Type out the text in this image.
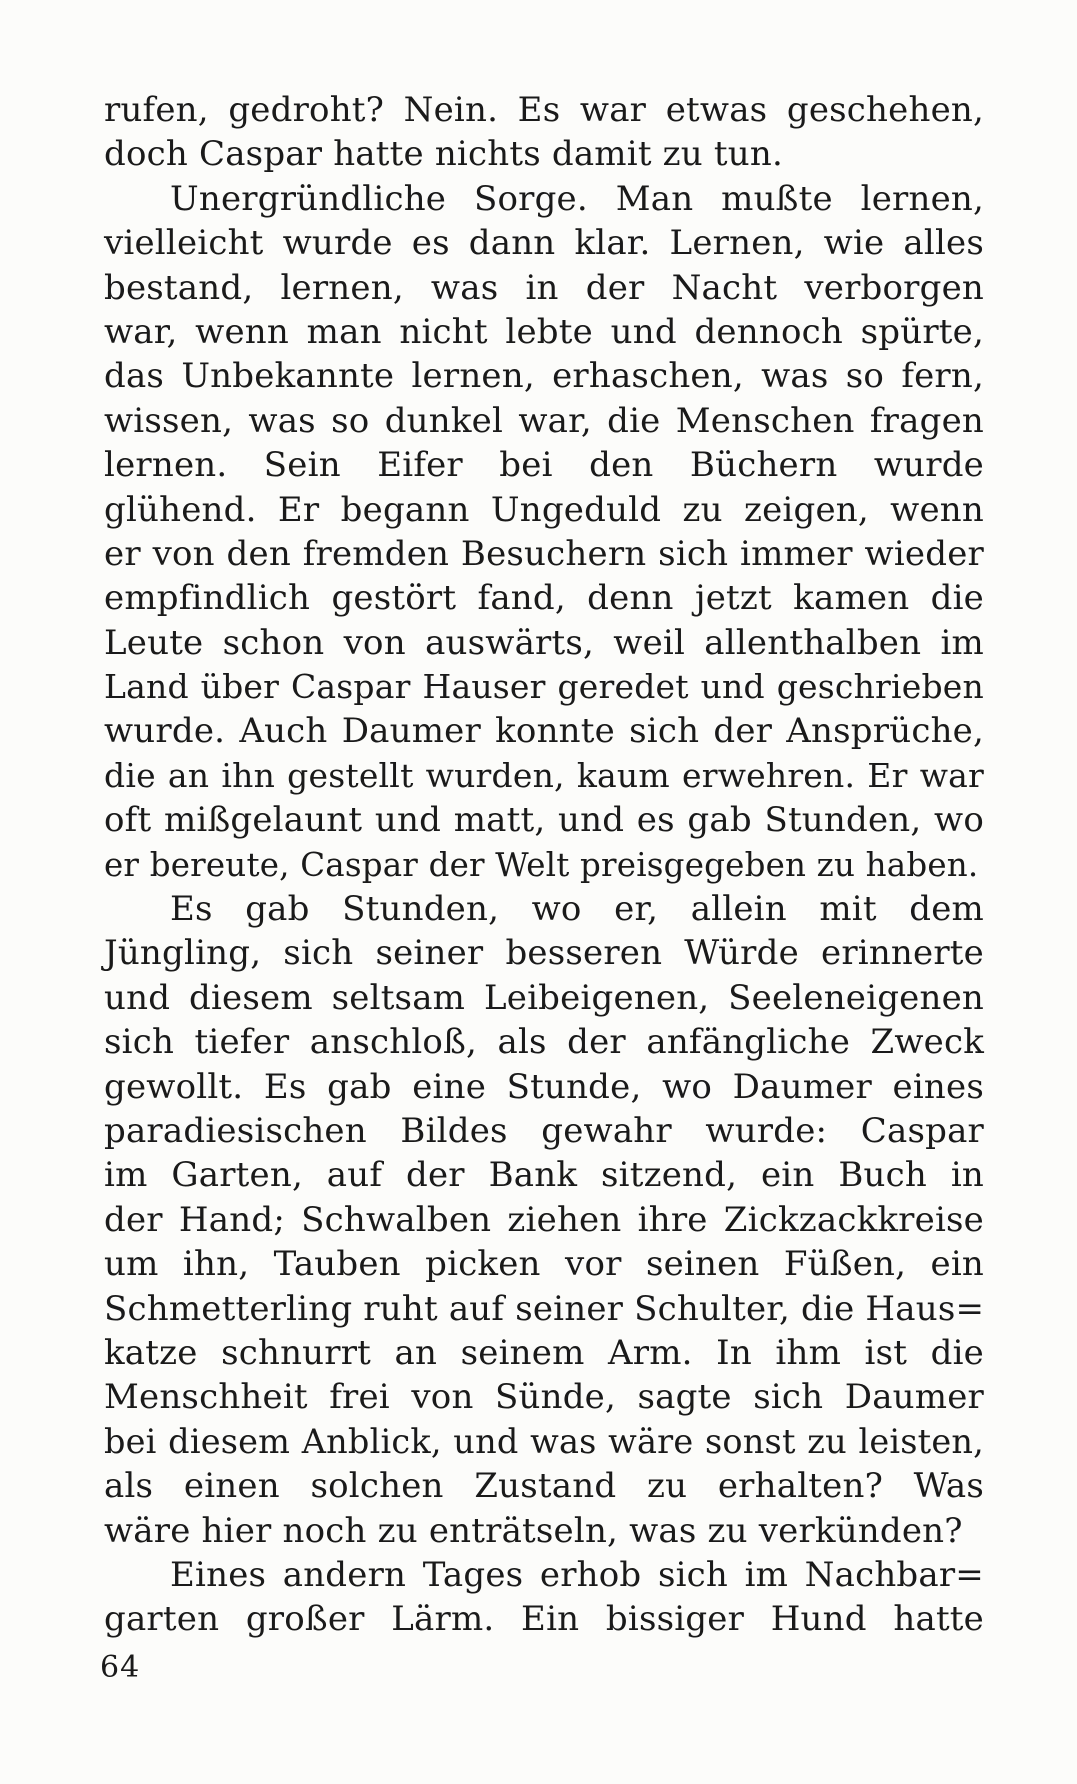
rufen, gedroht? Nein. Es war etwas geschehen,
doch Caspar hatte nichts damit zu tun.
Unergründliche Sorge. Man mußte lernen,
vielleicht wurde es dann klar. Lernen, wie alles
bestand, lernen, was in der Nacht verborgen
war, wenn man nicht lebte und dennoch spürte,
das Unbekannte lernen, erhaschen, was so fern,
wissen, was so dunkel war, die Menschen fragen
lernen. Sein Eifer bei den Büchern wurde
glühend. Er begann Ungeduld zu zeigen, wenn
er von den fremden Besuchern sich immer wieder
empfindlich gestört fand, denn jetzt kamen die
Leute schon von auswärts, weil allenthalben im
Land über Caspar Hauser geredet und geschrieben
wurde. Auch Daumer konnte sich der Ansprüche,
die an ihn gestellt wurden, kaum erwehren. Er war
oft mißgelaunt und matt, und es gab Stunden, wo
er bereute, Caspar der Welt preisgegeben zu haben.
Es gab Stunden, wo er, allein mit dem
Jüngling, sich seiner besseren Würde erinnerte
und diesem seltsam Leibeigenen, Seeleneigenen
sich tiefer anschloß, als der anfängliche Zweck
gewollt. Es gab eine Stunde, wo Daumer eines
paradiesischen Bildes gewahr wurde: Caspar
im Garten, auf der Bank sitzend, ein Buch in
der Hand; Schwalben ziehen ihre Zickzackkreise
um ihn, Tauben picken vor seinen Füßen, ein
Schmetterling ruht auf seiner Schulter, die Haus=
katze schnurrt an seinem Arm. In ihm ist die
Menschheit frei von Sünde, sagte sich Daumer
bei diesem Anblick, und was wäre sonst zu leisten,
als einen solchen Zustand zu erhalten? Was
wäre hier noch zu enträtseln, was zu verkünden?
Eines andern Tages erhob sich im Nachbar=
garten großer Lärm. Ein bissiger Hund hatte
64
